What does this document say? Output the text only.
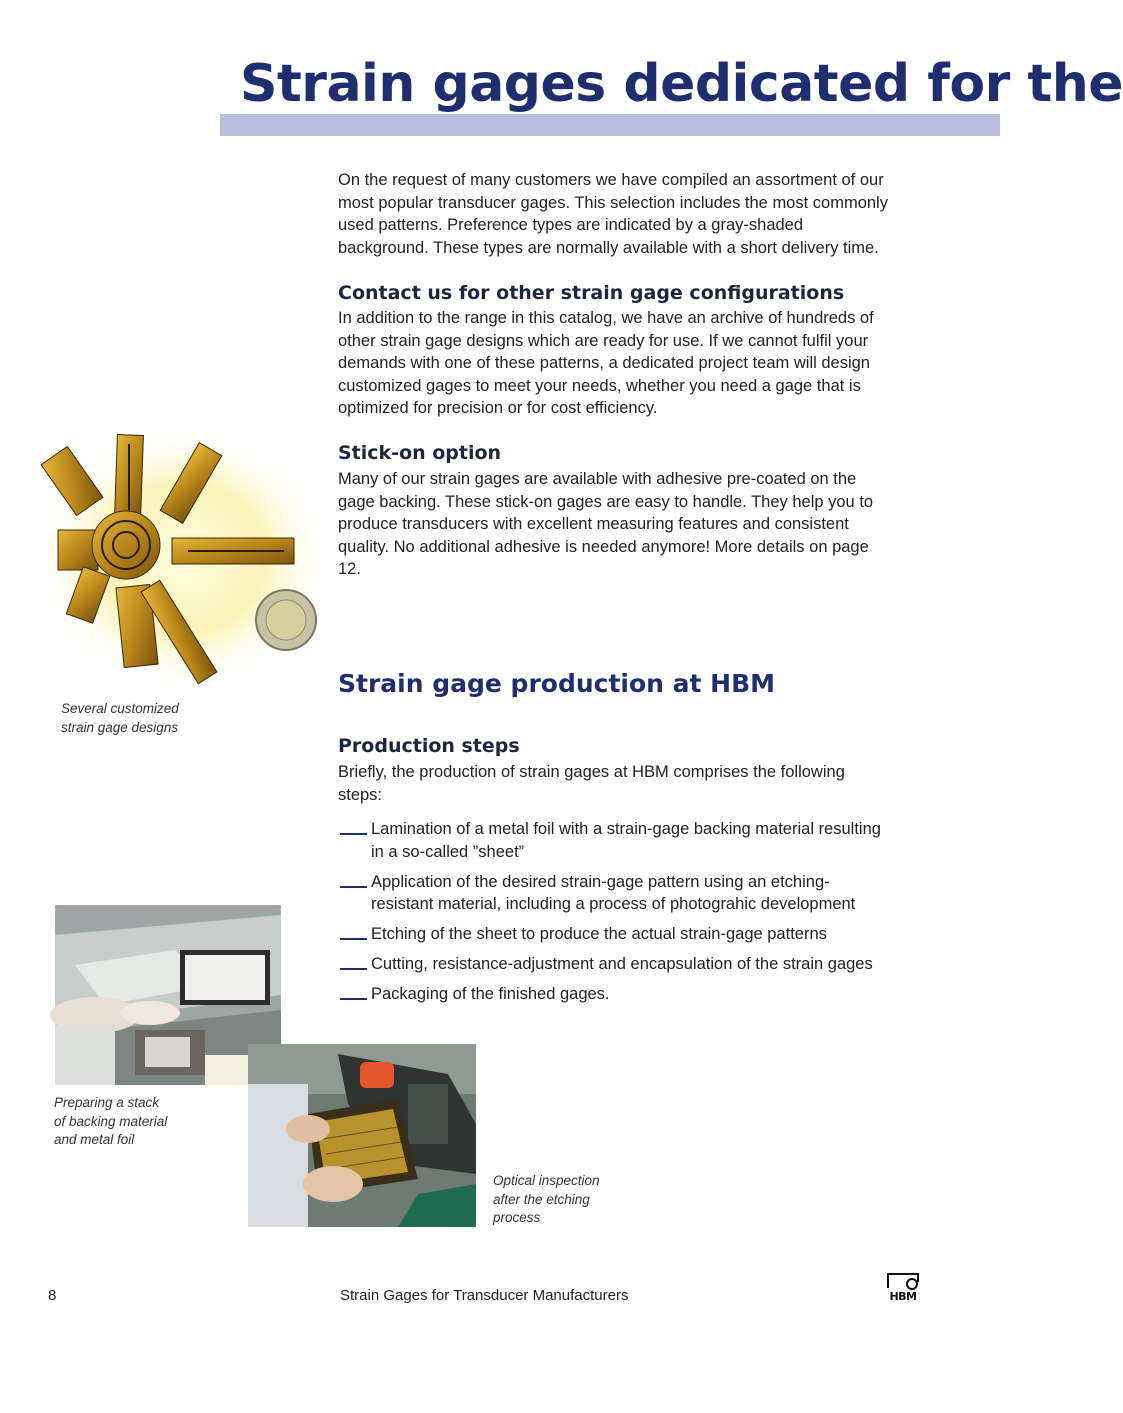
Strain gages dedicated for the

On the request of many customers we have compiled an assortment of our most popular transducer gages. This selection includes the most commonly used patterns. Preference types are indicated by a gray-shaded background. These types are normally available with a short delivery time.

Contact us for other strain gage configurations

In addition to the range in this catalog, we have an archive of hundreds of other strain gage designs which are ready for use. If we cannot fulfil your demands with one of these patterns, a dedicated project team will design customized gages to meet your needs, whether you need a gage that is optimized for precision or for cost efficiency.

Stick-on option

Many of our strain gages are available with adhesive pre-coated on the gage backing. These stick-on gages are easy to handle. They help you to produce transducers with excellent measuring features and consistent quality. No additional adhesive is needed anymore! More details on page 12.

Several customized

strain gage designs

Strain gage production at HBM
Production steps

Briefly, the production of strain gages at HBM comprises the following steps:

Lamination of a metal foil with a strain-gage backing material resulting in a so-called ”sheet”
Application of the desired strain-gage pattern using an etching-resistant material, including a process of photograhic development
Etching of the sheet to produce the actual strain-gage patterns
Cutting, resistance-adjustment and encapsulation of the strain gages
Packaging of the finished gages.

Preparing a stack

of backing material

and metal foil

Optical inspection

after the etching

process

8	Strain Gages for Transducer Manufacturers	HBM
